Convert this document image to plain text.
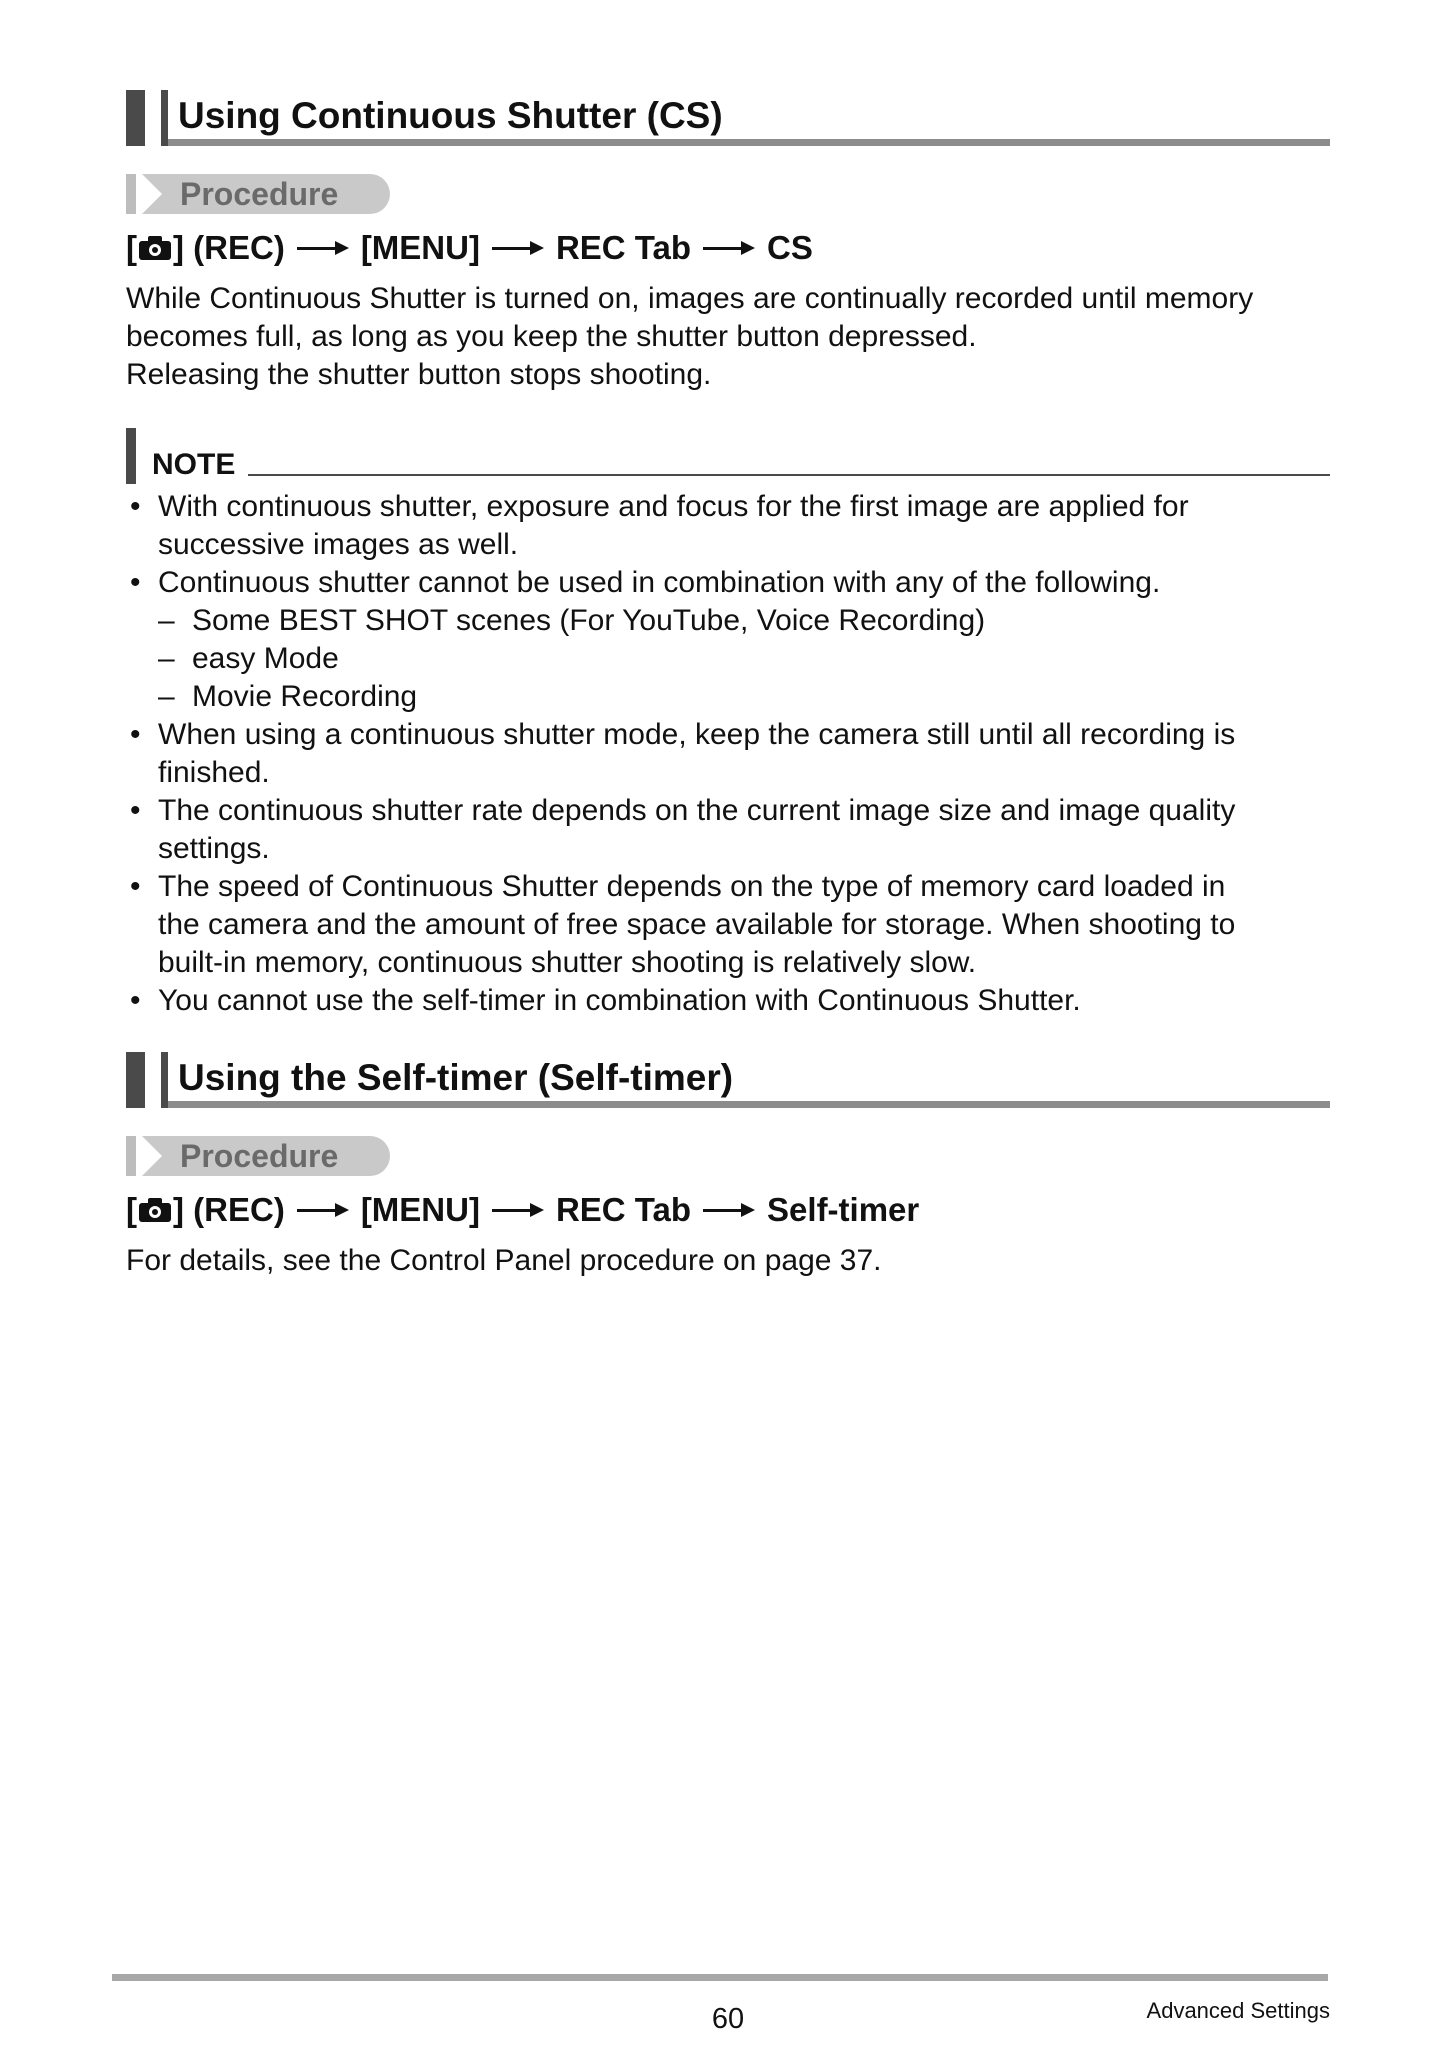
Using Continuous Shutter (CS)
Procedure
[ ] (REC) [MENU] REC Tab CS
While Continuous Shutter is turned on, images are continually recorded until memory
becomes full, as long as you keep the shutter button depressed.
Releasing the shutter button stops shooting.
NOTE
• With continuous shutter, exposure and focus for the first image are applied for
successive images as well.
• Continuous shutter cannot be used in combination with any of the following.
– Some BEST SHOT scenes (For YouTube, Voice Recording)
– easy Mode
– Movie Recording
• When using a continuous shutter mode, keep the camera still until all recording is
finished.
• The continuous shutter rate depends on the current image size and image quality
settings.
• The speed of Continuous Shutter depends on the type of memory card loaded in
the camera and the amount of free space available for storage. When shooting to
built-in memory, continuous shutter shooting is relatively slow.
• You cannot use the self-timer in combination with Continuous Shutter.
Using the Self-timer (Self-timer)
Procedure
[ ] (REC) [MENU] REC Tab Self-timer
For details, see the Control Panel procedure on page 37.
60	Advanced Settings
